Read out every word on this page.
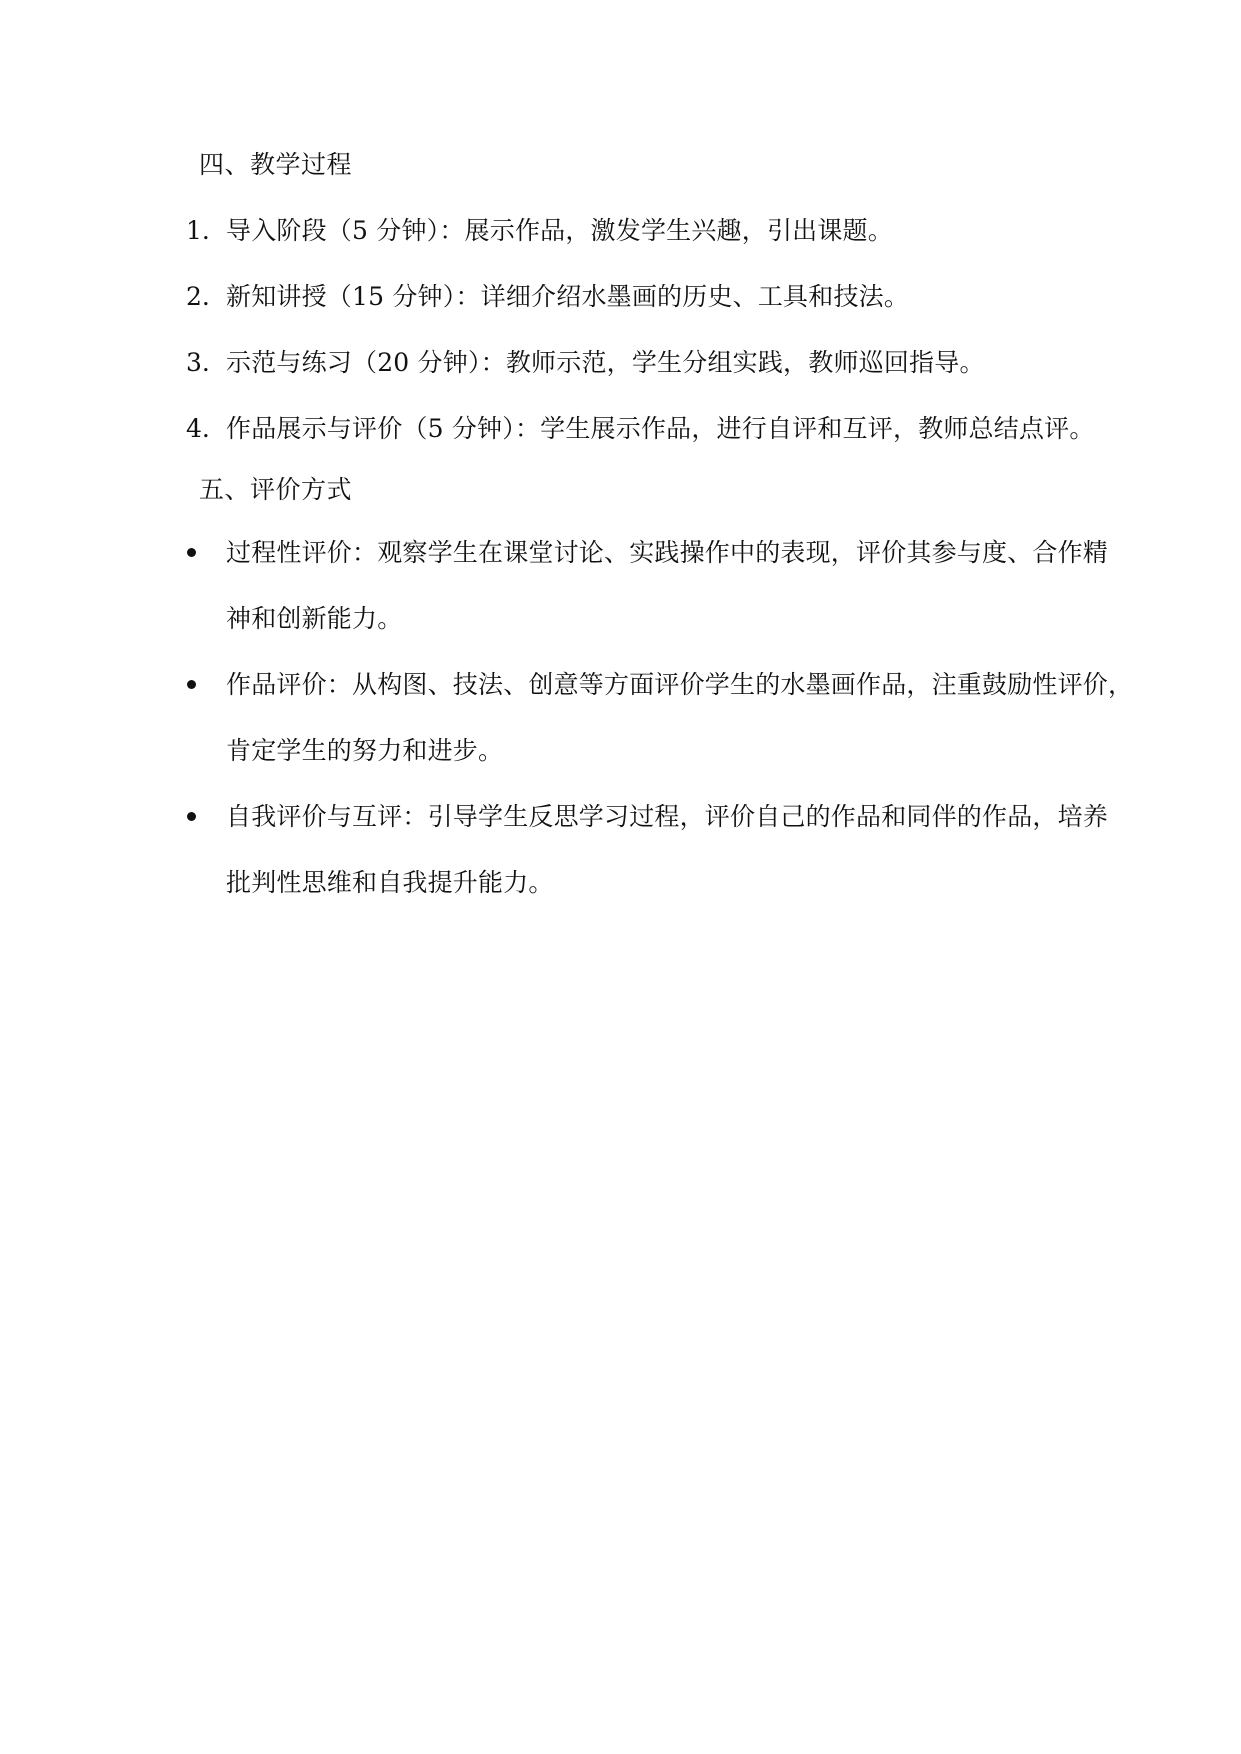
四、教学过程
1. 导入阶段（5 分钟）：展示作品，激发学生兴趣，引出课题。
2. 新知讲授（15 分钟）：详细介绍水墨画的历史、工具和技法。
3. 示范与练习（20 分钟）：教师示范，学生分组实践，教师巡回指导。
4. 作品展示与评价（5 分钟）：学生展示作品，进行自评和互评，教师总结点评。
五、评价方式
过程性评价：观察学生在课堂讨论、实践操作中的表现，评价其参与度、合作精
神和创新能力。
作品评价：从构图、技法、创意等方面评价学生的水墨画作品，注重鼓励性评价，
肯定学生的努力和进步。
自我评价与互评：引导学生反思学习过程，评价自己的作品和同伴的作品，培养
批判性思维和自我提升能力。
